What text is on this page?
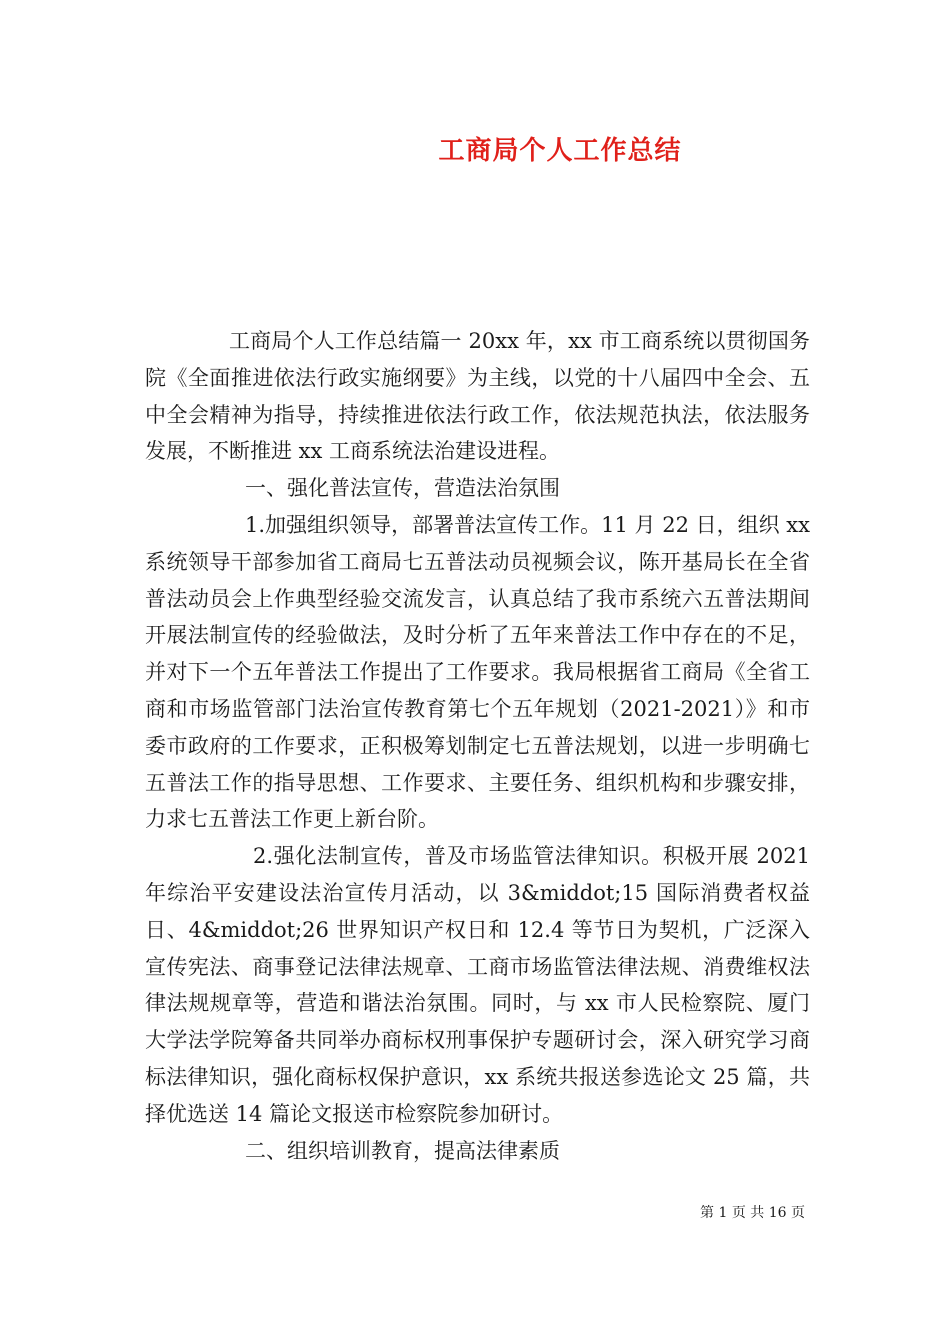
工商局个人工作总结

工商局个人工作总结篇一 20xx 年，xx 市工商系统以贯彻国务院《全面推进依法行政实施纲要》为主线，以党的十八届四中全会、五中全会精神为指导，持续推进依法行政工作，依法规范执法，依法服务发展，不断推进 xx 工商系统法治建设进程。

一、强化普法宣传，营造法治氛围

1.加强组织领导，部署普法宣传工作。11 月 22 日，组织 xx 系统领导干部参加省工商局七五普法动员视频会议，陈开基局长在全省普法动员会上作典型经验交流发言，认真总结了我市系统六五普法期间开展法制宣传的经验做法，及时分析了五年来普法工作中存在的不足，并对下一个五年普法工作提出了工作要求。我局根据省工商局《全省工商和市场监管部门法治宣传教育第七个五年规划（2021-2021）》和市委市政府的工作要求，正积极筹划制定七五普法规划，以进一步明确七五普法工作的指导思想、工作要求、主要任务、组织机构和步骤安排，力求七五普法工作更上新台阶。

2.强化法制宣传，普及市场监管法律知识。积极开展 2021 年综治平安建设法治宣传月活动，以 3&middot;15 国际消费者权益日、4&middot;26 世界知识产权日和 12.4 等节日为契机，广泛深入宣传宪法、商事登记法律法规章、工商市场监管法律法规、消费维权法律法规规章等，营造和谐法治氛围。同时，与 xx 市人民检察院、厦门大学法学院筹备共同举办商标权刑事保护专题研讨会，深入研究学习商标法律知识，强化商标权保护意识，xx 系统共报送参选论文 25 篇，共择优选送 14 篇论文报送市检察院参加研讨。

二、组织培训教育，提高法律素质

第 1 页 共 16 页
